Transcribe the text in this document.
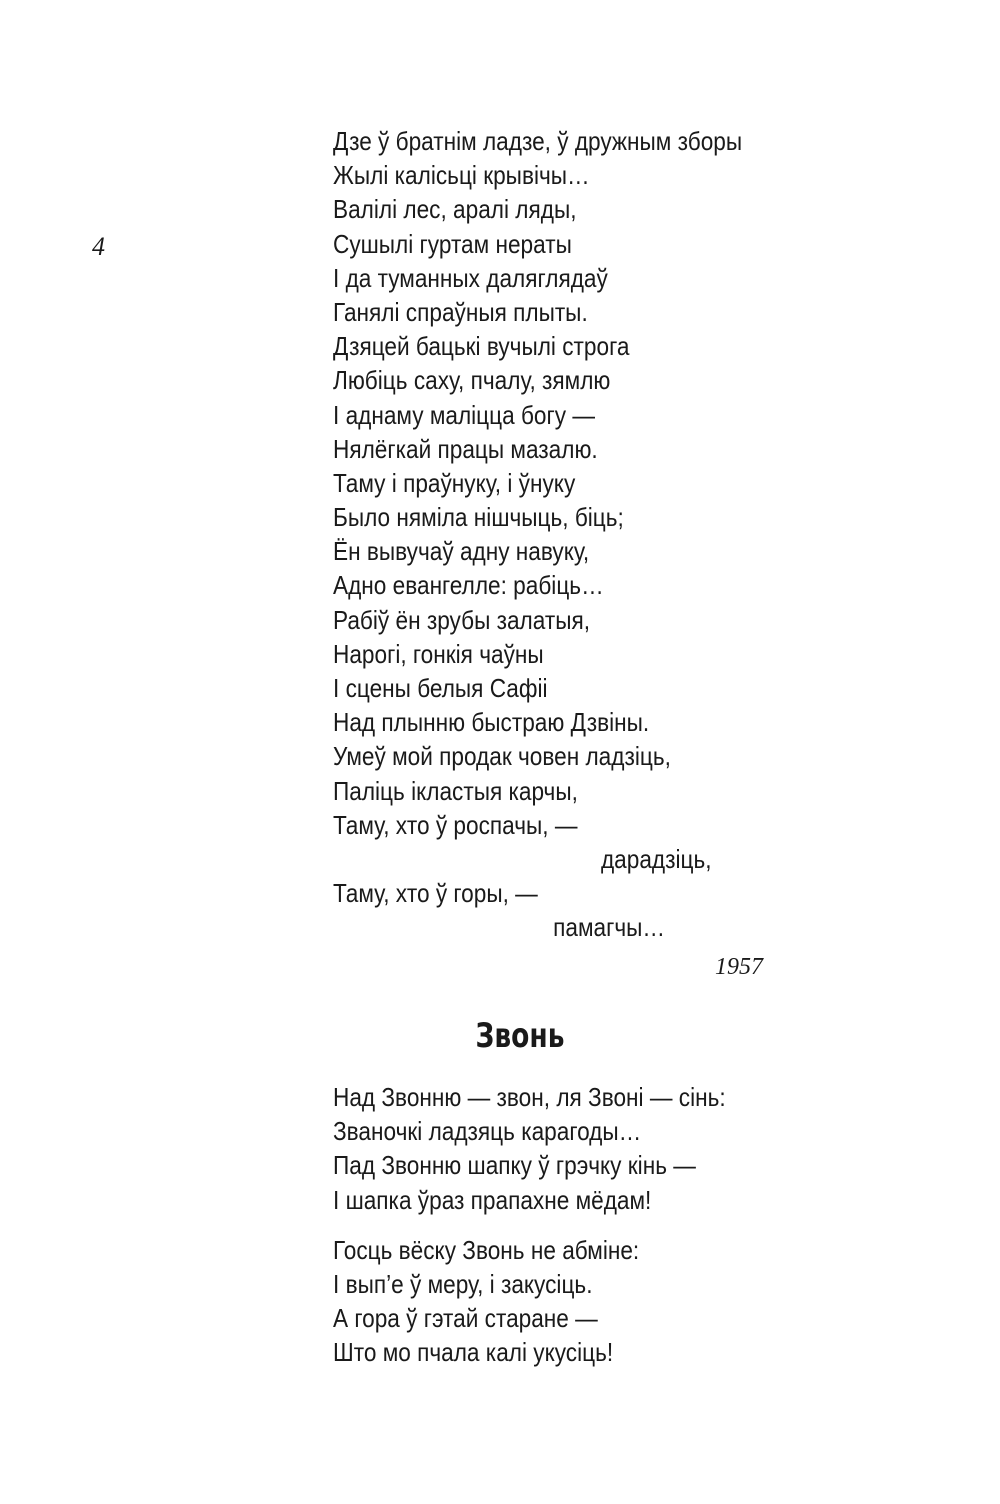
4
Дзе ў братнім ладзе, ў дружным зборы
Жылі калісьці крывічы…
Валілі лес, аралі ляды,
Сушылі гуртам нераты
І да туманных даляглядаў
Ганялі спраўныя плыты.
Дзяцей бацькі вучылі строга
Любіць саху, пчалу, зямлю
І аднаму маліцца богу —
Нялёгкай працы мазалю.
Таму і праўнуку, і ўнуку
Было няміла нішчыць, біць;
Ён вывучаў адну навуку,
Адно евангелле: рабіць…
Рабіў ён зрубы залатыя,
Нарогі, гонкія чаўны
І сцены белыя Сафіі
Над плынню быстраю Дзвіны.
Умеў мой продак човен ладзіць,
Паліць ікластыя карчы,
Таму, хто ў роспачы, —
дарадзіць,
Таму, хто ў горы, —
памагчы…
1957
Звонь
Над Звонню — звон, ля Звоні — сінь:
Званочкі ладзяць карагоды…
Пад Звонню шапку ў грэчку кінь —
І шапка ўраз прапахне мёдам!
Госць вёску Звонь не абміне:
І вып’е ў меру, і закусіць.
А гора ў гэтай старане —
Што мо пчала калі укусіць!
